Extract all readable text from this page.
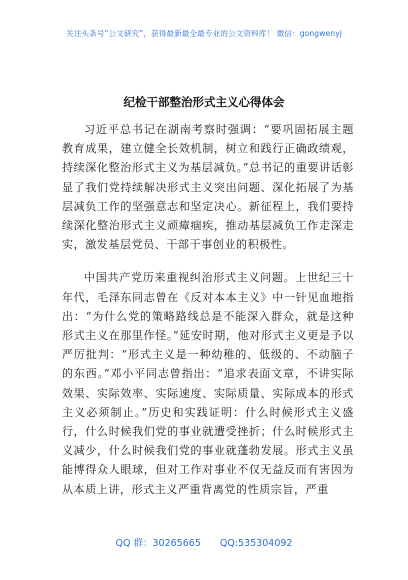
关注头条号“公文研究”，获得最新最全最专业的公文资料库！ 微信：gongwenyj
纪检干部整治形式主义心得体会

习近平总书记在湖南考察时强调：“要巩固拓展主题教育成果，建立健全长效机制，树立和践行正确政绩观，持续深化整治形式主义为基层减负。”总书记的重要讲话彰显了我们党持续解决形式主义突出问题、深化拓展了为基层减负工作的坚强意志和坚定决心。新征程上，我们要持续深化整治形式主义顽瘴痼疾，推动基层减负工作走深走实，激发基层党员、干部干事创业的积极性。

中国共产党历来重视纠治形式主义问题。上世纪三十年代，毛泽东同志曾在《反对本本主义》中一针见血地指出：“为什么党的策略路线总是不能深入群众，就是这种形式主义在那里作怪。”延安时期，他对形式主义更是予以严厉批判：“形式主义是一种幼稚的、低级的、不动脑子的东西。”邓小平同志曾指出：“追求表面文章，不讲实际效果、实际效率、实际速度、实际质量、实际成本的形式主义必须制止。”历史和实践证明：什么时候形式主义盛行，什么时候我们党的事业就遭受挫折；什么时候形式主义减少，什么时候我们党的事业就蓬勃发展。形式主义虽能博得众人眼球，但对工作对事业不仅无益反而有害因为从本质上讲，形式主义严重背离党的性质宗旨，严重

QQ 群：30265665 QQ:535304092
